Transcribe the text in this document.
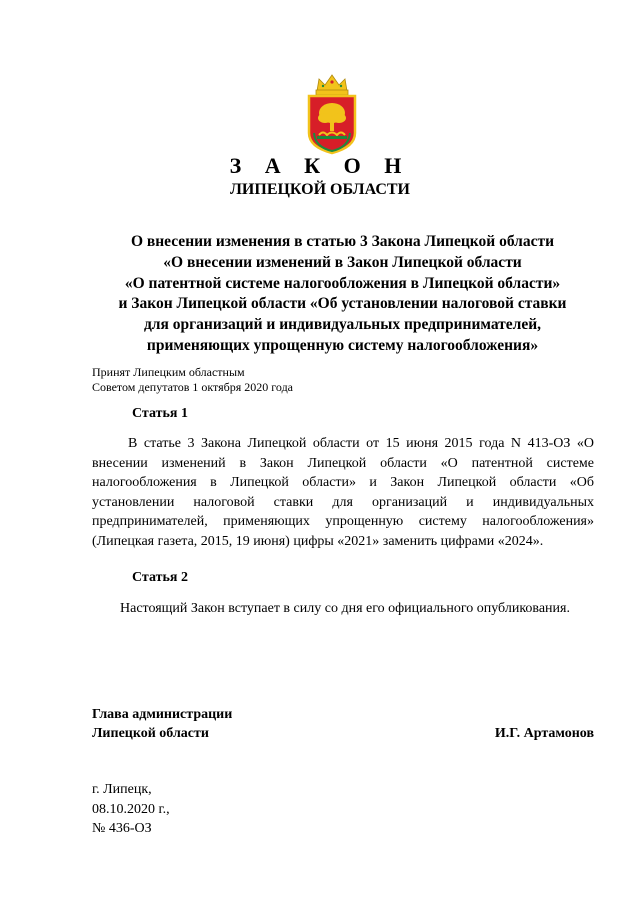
З А К О Н
ЛИПЕЦКОЙ ОБЛАСТИ
О внесении изменения в статью 3 Закона Липецкой области
«О внесении изменений в Закон Липецкой области
«О патентной системе налогообложения в Липецкой области»
и Закон Липецкой области «Об установлении налоговой ставки
для организаций и индивидуальных предпринимателей,
применяющих упрощенную систему налогообложения»
Принят Липецким областным
Советом депутатов 1 октября 2020 года
Статья 1
В статье 3 Закона Липецкой области от 15 июня 2015 года N 413-ОЗ «О внесении изменений в Закон Липецкой области «О патентной системе налогообложения в Липецкой области» и Закон Липецкой области «Об установлении налоговой ставки для организаций и индивидуальных предпринимателей, применяющих упрощенную систему налогообложения» (Липецкая газета, 2015, 19 июня) цифры «2021» заменить цифрами «2024».
Статья 2
Настоящий Закон вступает в силу со дня его официального опубликования.
Глава администрации
Липецкой области	И.Г. Артамонов
г. Липецк,
08.10.2020 г.,
№ 436-ОЗ
